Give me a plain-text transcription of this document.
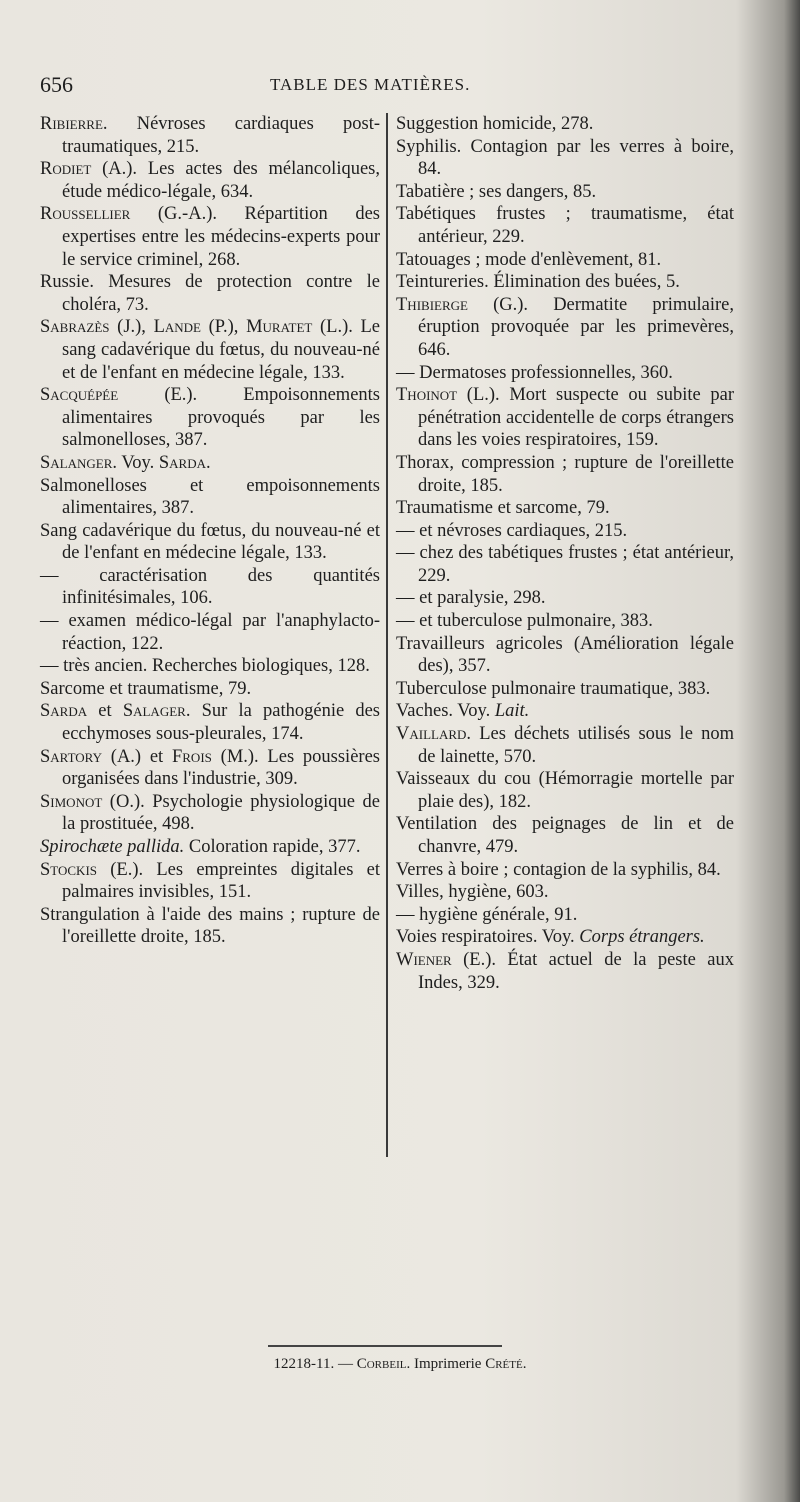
656	TABLE DES MATIÈRES.
Ribierre. Névroses cardiaques post-traumatiques, 215.
Rodiet (A.). Les actes des mélancoliques, étude médico-légale, 634.
Roussellier (G.-A.). Répartition des expertises entre les médecins-experts pour le service criminel, 268.
Russie. Mesures de protection contre le choléra, 73.
Sabrazès (J.), Lande (P.), Muratet (L.). Le sang cadavérique du fœtus, du nouveau-né et de l'enfant en médecine légale, 133.
Sacquépée (E.). Empoisonnements alimentaires provoqués par les salmonelloses, 387.
Salanger. Voy. Sarda.
Salmonelloses et empoisonnements alimentaires, 387.
Sang cadavérique du fœtus, du nouveau-né et de l'enfant en médecine légale, 133.
— caractérisation des quantités infinitésimales, 106.
— examen médico-légal par l'anaphylacto-réaction, 122.
— très ancien. Recherches biologiques, 128.
Sarcome et traumatisme, 79.
Sarda et Salager. Sur la pathogénie des ecchymoses sous-pleurales, 174.
Sartory (A.) et Frois (M.). Les poussières organisées dans l'industrie, 309.
Simonot (O.). Psychologie physiologique de la prostituée, 498.
Spirochæte pallida. Coloration rapide, 377.
Stockis (E.). Les empreintes digitales et palmaires invisibles, 151.
Strangulation à l'aide des mains ; rupture de l'oreillette droite, 185.
Suggestion homicide, 278.
Syphilis. Contagion par les verres à boire, 84.
Tabatière ; ses dangers, 85.
Tabétiques frustes ; traumatisme, état antérieur, 229.
Tatouages ; mode d'enlèvement, 81.
Teintureries. Élimination des buées, 5.
Thibierge (G.). Dermatite primulaire, éruption provoquée par les primevères, 646.
— Dermatoses professionnelles, 360.
Thoinot (L.). Mort suspecte ou subite par pénétration accidentelle de corps étrangers dans les voies respiratoires, 159.
Thorax, compression ; rupture de l'oreillette droite, 185.
Traumatisme et sarcome, 79.
— et névroses cardiaques, 215.
— chez des tabétiques frustes ; état antérieur, 229.
— et paralysie, 298.
— et tuberculose pulmonaire, 383.
Travailleurs agricoles (Amélioration légale des), 357.
Tuberculose pulmonaire traumatique, 383.
Vaches. Voy. Lait.
Vaillard. Les déchets utilisés sous le nom de lainette, 570.
Vaisseaux du cou (Hémorragie mortelle par plaie des), 182.
Ventilation des peignages de lin et de chanvre, 479.
Verres à boire ; contagion de la syphilis, 84.
Villes, hygiène, 603.
— hygiène générale, 91.
Voies respiratoires. Voy. Corps étrangers.
Wiener (E.). État actuel de la peste aux Indes, 329.
12218-11. — Corbeil. Imprimerie Crété.
